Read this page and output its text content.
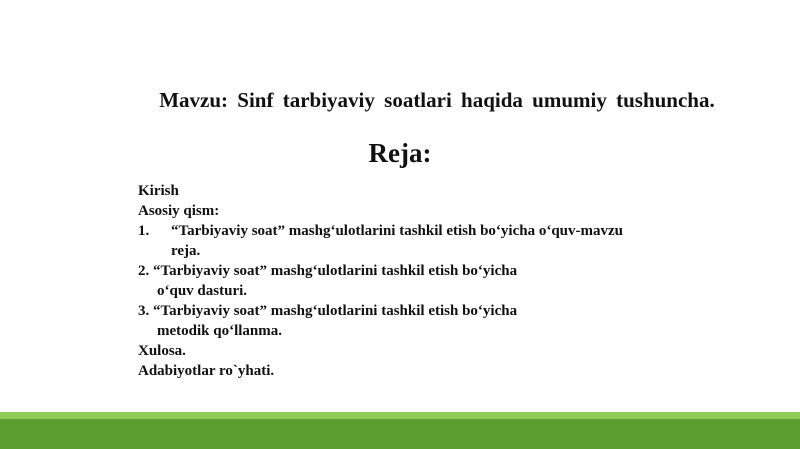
Mavzu: Sinf tarbiyaviy soatlari haqida umumiy tushuncha.
Reja:
Kirish
Asosiy qism:
1. “Tarbiyaviy soat” mashg‘ulotlarini tashkil etish bo‘yicha o‘quv-mavzu
reja.
2. “Tarbiyaviy soat” mashg‘ulotlarini tashkil etish bo‘yicha
o‘quv dasturi.
3. “Tarbiyaviy soat” mashg‘ulotlarini tashkil etish bo‘yicha
metodik qo‘llanma.
Xulosa.
Adabiyotlar ro`yhati.
